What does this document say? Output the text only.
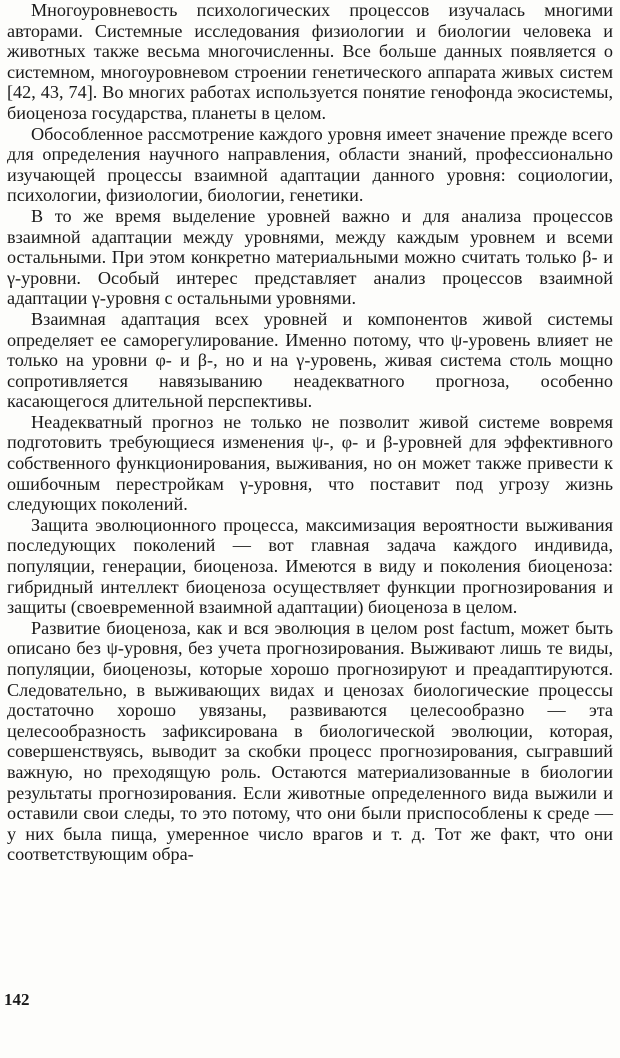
Многоуровневость психологических процессов изучалась многими авторами. Системные исследования физиологии и биологии человека и животных также весьма многочисленны. Все больше данных появляется о системном, многоуровневом строении генетического аппарата живых систем [42, 43, 74]. Во многих работах используется понятие генофонда экосистемы, биоценоза государства, планеты в целом.

Обособленное рассмотрение каждого уровня имеет значение прежде всего для определения научного направления, области знаний, профессионально изучающей процессы взаимной адаптации данного уровня: социологии, психологии, физиологии, биологии, генетики.

В то же время выделение уровней важно и для анализа процессов взаимной адаптации между уровнями, между каждым уровнем и всеми остальными. При этом конкретно материальными можно считать только β- и γ-уровни. Особый интерес представляет анализ процессов взаимной адаптации γ-уровня с остальными уровнями.

Взаимная адаптация всех уровней и компонентов живой системы определяет ее саморегулирование. Именно потому, что ψ-уровень влияет не только на уровни φ- и β-, но и на γ-уровень, живая система столь мощно сопротивляется навязыванию неадекватного прогноза, особенно касающегося длительной перспективы.

Неадекватный прогноз не только не позволит живой системе вовремя подготовить требующиеся изменения ψ-, φ- и β-уровней для эффективного собственного функционирования, выживания, но он может также привести к ошибочным перестройкам γ-уровня, что поставит под угрозу жизнь следующих поколений.

Защита эволюционного процесса, максимизация вероятности выживания последующих поколений — вот главная задача каждого индивида, популяции, генерации, биоценоза. Имеются в виду и поколения биоценоза: гибридный интеллект биоценоза осуществляет функции прогнозирования и защиты (своевременной взаимной адаптации) биоценоза в целом.

Развитие биоценоза, как и вся эволюция в целом post factum, может быть описано без ψ-уровня, без учета прогнозирования. Выживают лишь те виды, популяции, биоценозы, которые хорошо прогнозируют и преадаптируются. Следовательно, в выживающих видах и ценозах биологические процессы достаточно хорошо увязаны, развиваются целесообразно — эта целесообразность зафиксирована в биологической эволюции, которая, совершенствуясь, выводит за скобки процесс прогнозирования, сыгравший важную, но преходящую роль. Остаются материализованные в биологии результаты прогнозирования. Если животные определенного вида выжили и оставили свои следы, то это потому, что они были приспособлены к среде — у них была пища, умеренное число врагов и т. д. Тот же факт, что они соответствующим обра-

142
